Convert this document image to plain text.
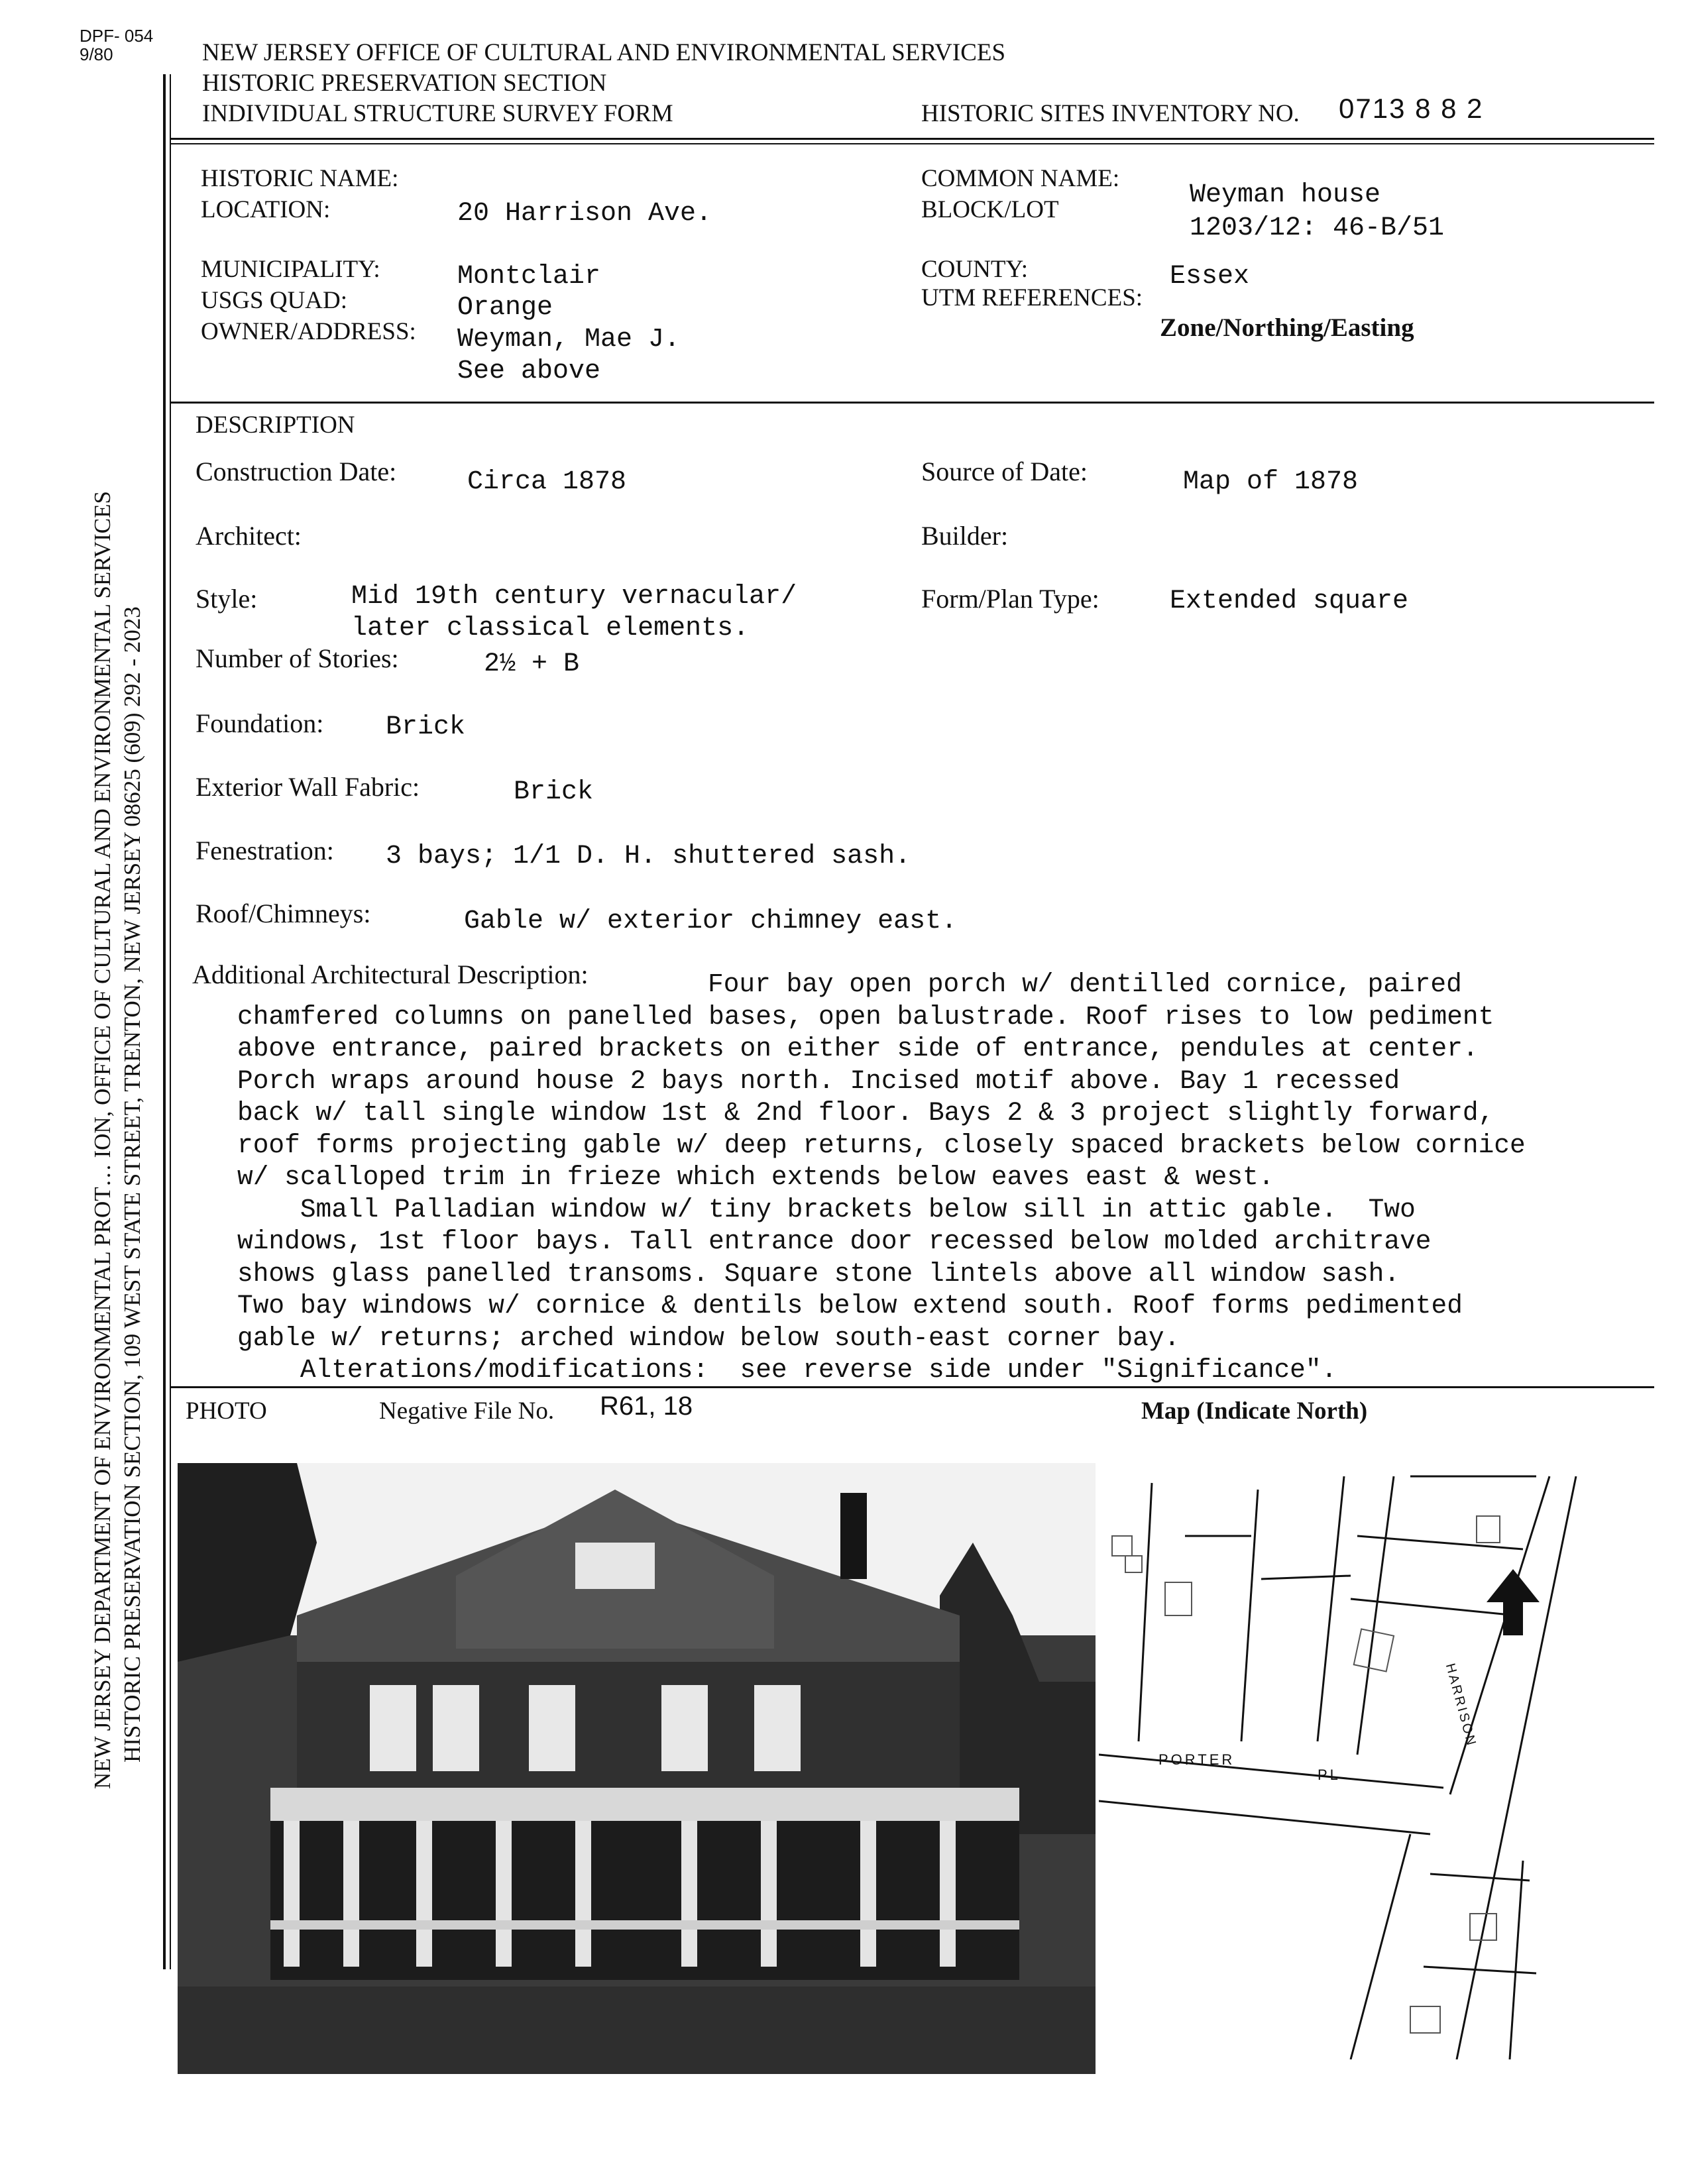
DPF- 054
9/80	NEW JERSEY OFFICE OF CULTURAL AND ENVIRONMENTAL SERVICES
HISTORIC PRESERVATION SECTION
INDIVIDUAL STRUCTURE SURVEY FORM	HISTORIC SITES INVENTORY NO. 0713 8 8 2
NEW JERSEY DEPARTMENT OF ENVIRONMENTAL PROT… ION, OFFICE OF CULTURAL AND ENVIRONMENTAL SERVICES HISTORIC PRESERVATION SECTION, 109 WEST STATE STREET, TRENTON, NEW JERSEY 08625 (609) 292 - 2023
HISTORIC NAME:
LOCATION:	20 Harrison Ave.
COMMON NAME:
Weyman house
BLOCK/LOT
1203/12: 46-B/51
MUNICIPALITY:	Montclair	COUNTY:	Essex
USGS QUAD:	Orange	UTM REFERENCES:
Zone/Northing/Easting
OWNER/ADDRESS: Weyman, Mae J.
See above
DESCRIPTION
Construction Date:	Circa 1878	Source of Date:	Map of 1878
Architect:	Builder:
Style:	Mid 19th century vernacular/
later classical elements.
Form/Plan Type:	Extended square
Number of Stories:	2½ + B
Foundation: Brick
Exterior Wall Fabric:	Brick
Fenestration: 3 bays; 1/1 D. H. shuttered sash.
Roof/Chimneys:	Gable w/ exterior chimney east.
Additional Architectural Description:	Four bay open porch w/ dentilled cornice, paired
chamfered columns on panelled bases, open balustrade. Roof rises to low pediment
above entrance, paired brackets on either side of entrance, pendules at center.
Porch wraps around house 2 bays north. Incised motif above. Bay 1 recessed
back w/ tall single window 1st & 2nd floor. Bays 2 & 3 project slightly forward,
roof forms projecting gable w/ deep returns, closely spaced brackets below cornice
w/ scalloped trim in frieze which extends below eaves east & west.
Small Palladian window w/ tiny brackets below sill in attic gable.  Two
windows, 1st floor bays. Tall entrance door recessed below molded architrave
shows glass panelled transoms. Square stone lintels above all window sash.
Two bay windows w/ cornice & dentils below extend south. Roof forms pedimented
gable w/ returns; arched window below south-east corner bay.
Alterations/modifications:  see reverse side under "Significance".
PHOTO	Negative File No. R61, 18	Map (Indicate North)
PORTER
PL
HARRISON
